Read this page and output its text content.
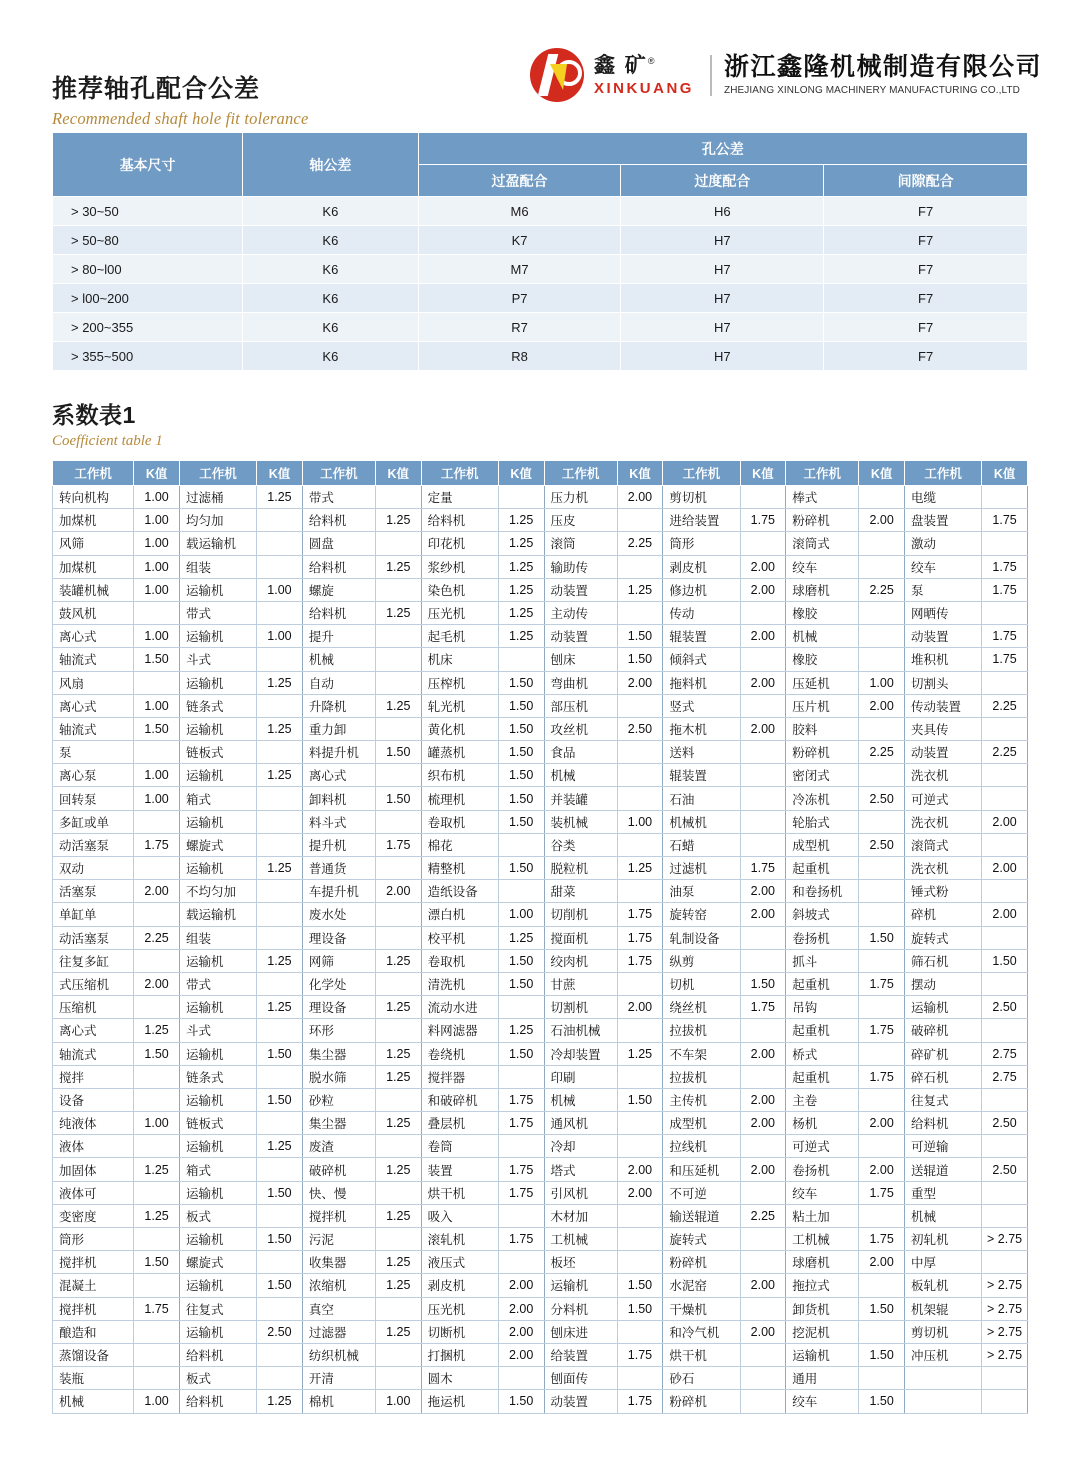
推荐轴孔配合公差
Recommended shaft hole fit tolerance
鑫 矿®
XINKUANG
浙江鑫隆机械制造有限公司
ZHEJIANG XINLONG MACHINERY MANUFACTURING CO.,LTD
基本尺寸	轴公差	孔公差		
		过盈配合	过度配合	间隙配合
> 30~50	K6	M6	H6	F7
> 50~80	K6	K7	H7	F7
> 80~l00	K6	M7	H7	F7
> l00~200	K6	P7	H7	F7
> 200~355	K6	R7	H7	F7
> 355~500	K6	R8	H7	F7
系数表1
Coefficient table 1
工作机	K值	工作机	K值	工作机	K值	工作机	K值	工作机	K值	工作机	K值	工作机	K值	工作机	K值
转向机构	1.00	过滤桶	1.25	带式		定量		压力机	2.00	剪切机		棒式		电缆	
加煤机	1.00	均匀加		给料机	1.25	给料机	1.25	压皮		进给装置	1.75	粉碎机	2.00	盘装置	1.75
风筛	1.00	载运输机		圆盘		印花机	1.25	滚筒	2.25	筒形		滚筒式		激动	
加煤机	1.00	组装		给料机	1.25	浆纱机	1.25	输助传		剥皮机	2.00	绞车		绞车	1.75
装罐机械	1.00	运输机	1.00	螺旋		染色机	1.25	动装置	1.25	修边机	2.00	球磨机	2.25	泵	1.75
鼓风机		带式		给料机	1.25	压光机	1.25	主动传		传动		橡胶		网晒传	
离心式	1.00	运输机	1.00	提升		起毛机	1.25	动装置	1.50	辊装置	2.00	机械		动装置	1.75
轴流式	1.50	斗式		机械		机床		刨床	1.50	倾斜式		橡胶		堆积机	1.75
风扇		运输机	1.25	自动		压榨机	1.50	弯曲机	2.00	拖料机	2.00	压延机	1.00	切割头	
离心式	1.00	链条式		升降机	1.25	轧光机	1.50	部压机		竖式		压片机	2.00	传动装置	2.25
轴流式	1.50	运输机	1.25	重力卸		黄化机	1.50	攻丝机	2.50	拖木机	2.00	胶料		夹具传	
泵		链板式		料提升机	1.50	罐蒸机	1.50	食品		送料		粉碎机	2.25	动装置	2.25
离心泵	1.00	运输机	1.25	离心式		织布机	1.50	机械		辊装置		密闭式		洗衣机	
回转泵	1.00	箱式		卸料机	1.50	梳理机	1.50	并装罐		石油		冷冻机	2.50	可逆式	
多缸或单		运输机		料斗式		卷取机	1.50	装机械	1.00	机械机		轮胎式		洗衣机	2.00
动活塞泵	1.75	螺旋式		提升机	1.75	棉花		谷类		石蜡		成型机	2.50	滚筒式	
双动		运输机	1.25	普通货		精整机	1.50	脱粒机	1.25	过滤机	1.75	起重机		洗衣机	2.00
活塞泵	2.00	不均匀加		车提升机	2.00	造纸设备		甜菜		油泵	2.00	和卷扬机		锤式粉	
单缸单		载运输机		废水处		漂白机	1.00	切削机	1.75	旋转窑	2.00	斜坡式		碎机	2.00
动活塞泵	2.25	组装		理设备		校平机	1.25	搅面机	1.75	轧制设备		卷扬机	1.50	旋转式	
往复多缸		运输机	1.25	网筛	1.25	卷取机	1.50	绞肉机	1.75	纵剪		抓斗		筛石机	1.50
式压缩机	2.00	带式		化学处		清洗机	1.50	甘蔗		切机	1.50	起重机	1.75	摆动	
压缩机		运输机	1.25	理设备	1.25	流动水进		切割机	2.00	绕丝机	1.75	吊钩		运输机	2.50
离心式	1.25	斗式		环形		料网滤器	1.25	石油机械		拉拔机		起重机	1.75	破碎机	
轴流式	1.50	运输机	1.50	集尘器	1.25	卷绕机	1.50	冷却装置	1.25	不车架	2.00	桥式		碎矿机	2.75
搅拌		链条式		脱水筛	1.25	搅拌器		印刷		拉拔机		起重机	1.75	碎石机	2.75
设备		运输机	1.50	砂粒		和破碎机	1.75	机械	1.50	主传机	2.00	主卷		往复式	
纯液体	1.00	链板式		集尘器	1.25	叠层机	1.75	通风机		成型机	2.00	杨机	2.00	给料机	2.50
液体		运输机	1.25	废渣		卷筒		冷却		拉线机		可逆式		可逆输	
加固体	1.25	箱式		破碎机	1.25	装置	1.75	塔式	2.00	和压延机	2.00	卷扬机	2.00	送辊道	2.50
液体可		运输机	1.50	快、慢		烘干机	1.75	引风机	2.00	不可逆		绞车	1.75	重型	
变密度	1.25	板式		搅拌机	1.25	吸入		木材加		输送辊道	2.25	粘土加		机械	
筒形		运输机	1.50	污泥		滚轧机	1.75	工机械		旋转式		工机械	1.75	初轧机	> 2.75
搅拌机	1.50	螺旋式		收集器	1.25	液压式		板坯		粉碎机		球磨机	2.00	中厚	
混凝土		运输机	1.50	浓缩机	1.25	剥皮机	2.00	运输机	1.50	水泥窑	2.00	拖拉式		板轧机	> 2.75
搅拌机	1.75	往复式		真空		压光机	2.00	分料机	1.50	干燥机		卸货机	1.50	机架辊	> 2.75
酿造和		运输机	2.50	过滤器	1.25	切断机	2.00	刨床进		和冷气机	2.00	挖泥机		剪切机	> 2.75
蒸馏设备		给料机		纺织机械		打捆机	2.00	给装置	1.75	烘干机		运输机	1.50	冲压机	> 2.75
装瓶		板式		开清		圆木		刨面传		砂石		通用			
机械	1.00	给料机	1.25	棉机	1.00	拖运机	1.50	动装置	1.75	粉碎机		绞车	1.50		
